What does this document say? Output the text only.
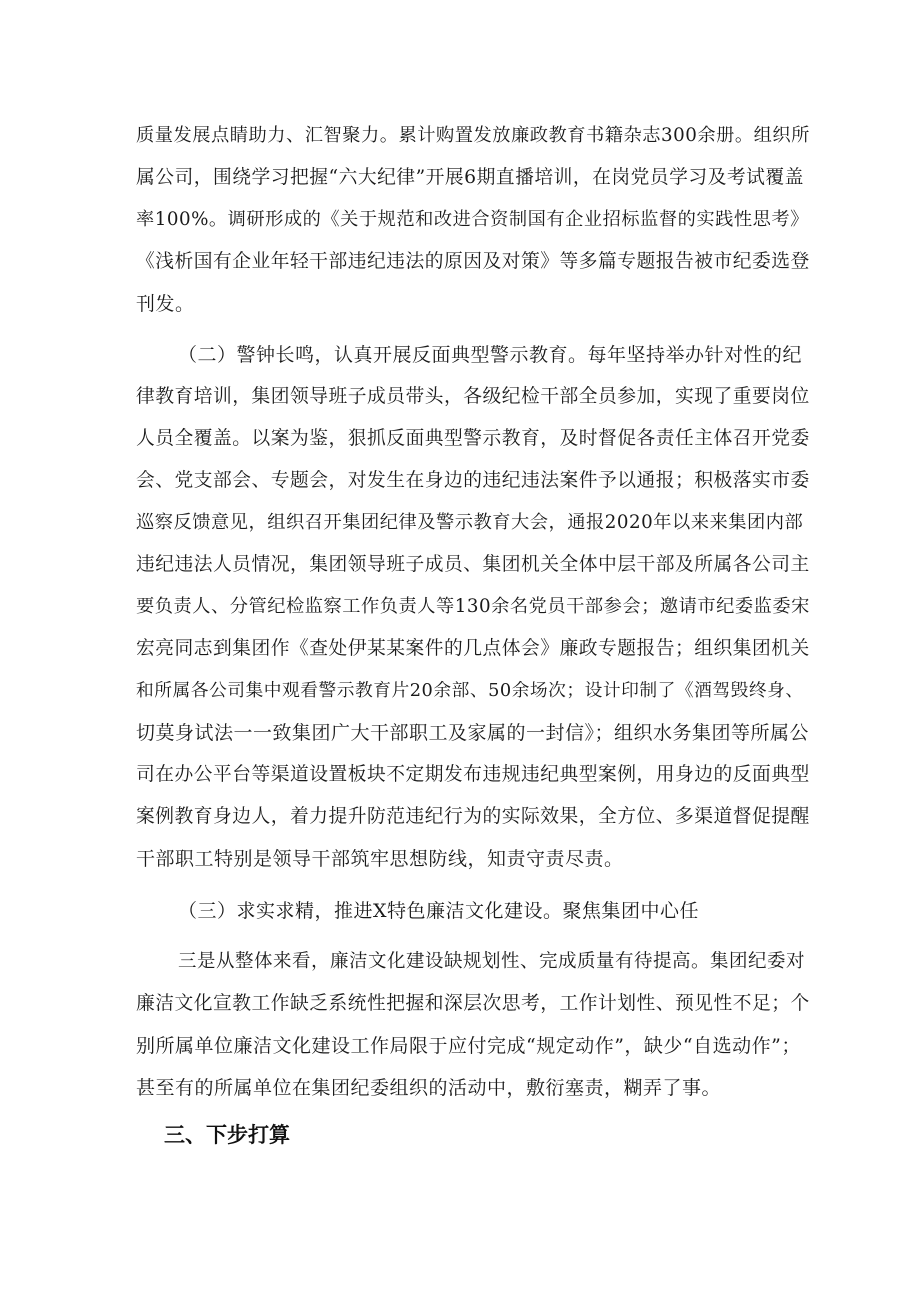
质量发展点睛助力、汇智聚力。累计购置发放廉政教育书籍杂志300余册。组织所
属公司，围绕学习把握“六大纪律”开展6期直播培训，在岗党员学习及考试覆盖
率100%。调研形成的《关于规范和改进合资制国有企业招标监督的实践性思考》
《浅析国有企业年轻干部违纪违法的原因及对策》等多篇专题报告被市纪委选登
刊发。
（二）警钟长鸣，认真开展反面典型警示教育。每年坚持举办针对性的纪
律教育培训，集团领导班子成员带头，各级纪检干部全员参加，实现了重要岗位
人员全覆盖。以案为鉴，狠抓反面典型警示教育，及时督促各责任主体召开党委
会、党支部会、专题会，对发生在身边的违纪违法案件予以通报；积极落实市委
巡察反馈意见，组织召开集团纪律及警示教育大会，通报2020年以来来集团内部
违纪违法人员情况，集团领导班子成员、集团机关全体中层干部及所属各公司主
要负责人、分管纪检监察工作负责人等130余名党员干部参会；邀请市纪委监委宋
宏亮同志到集团作《查处伊某某案件的几点体会》廉政专题报告；组织集团机关
和所属各公司集中观看警示教育片20余部、50余场次；设计印制了《酒驾毁终身、
切莫身试法一一致集团广大干部职工及家属的一封信》；组织水务集团等所属公
司在办公平台等渠道设置板块不定期发布违规违纪典型案例，用身边的反面典型
案例教育身边人，着力提升防范违纪行为的实际效果，全方位、多渠道督促提醒
干部职工特别是领导干部筑牢思想防线，知责守责尽责。
（三）求实求精，推进X特色廉洁文化建设。聚焦集团中心任
三是从整体来看，廉洁文化建设缺规划性、完成质量有待提高。集团纪委对
廉洁文化宣教工作缺乏系统性把握和深层次思考，工作计划性、预见性不足；个
别所属单位廉洁文化建设工作局限于应付完成“规定动作”，缺少“自选动作”；
甚至有的所属单位在集团纪委组织的活动中，敷衍塞责，糊弄了事。
三、下步打算
